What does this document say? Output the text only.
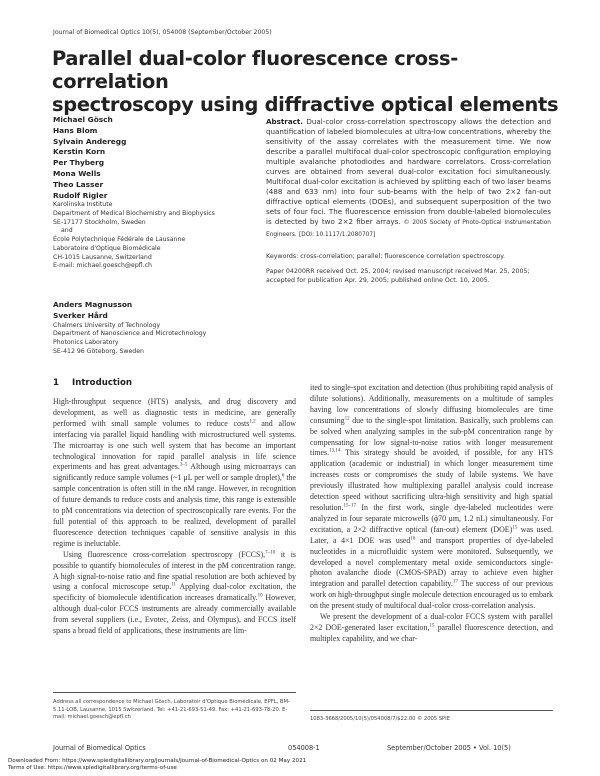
Journal of Biomedical Optics 10(5), 054008 (September/October 2005)
Parallel dual-color fluorescence cross-correlation
spectroscopy using diffractive optical elements
Michael Gösch
Hans Blom
Sylvain Anderegg
Kerstin Korn
Per Thyberg
Mona Wells
Theo Lasser
Rudolf Rigler
Karolinska Institute
Department of Medical Biochemistry and Biophysics
SE-17177 Stockholm, Sweden
and
École Polytechnique Fédérale de Lausanne
Laboratoire d'Optique Biomédicale
CH-1015 Lausanne, Switzerland
E-mail: michael.goesch@epfl.ch
Anders Magnusson
Sverker Hård
Chalmers University of Technology
Department of Nanoscience and Microtechnology
Photonics Laboratory
SE-412 96 Göteborg, Sweden
Abstract. Dual-color cross-correlation spectroscopy allows the detection and quantification of labeled biomolecules at ultra-low concentrations, whereby the sensitivity of the assay correlates with the measurement time. We now describe a parallel multifocal dual-color spectroscopic configuration employing multiple avalanche photodiodes and hardware correlators. Cross-correlation curves are obtained from several dual-color excitation foci simultaneously. Multifocal dual-color excitation is achieved by splitting each of two laser beams (488 and 633 nm) into four sub-beams with the help of two 2×2 fan-out diffractive optical elements (DOEs), and subsequent superposition of the two sets of four foci. The fluorescence emission from double-labeled biomolecules is detected by two 2×2 fiber arrays. © 2005 Society of Photo-Optical Instrumentation Engineers. [DOI: 10.1117/1.2080707]
Keywords: cross-correlation; parallel; fluorescence correlation spectroscopy.
Paper 04200RR received Oct. 25, 2004; revised manuscript received Mar. 25, 2005;
accepted for publication Apr. 29, 2005; published online Oct. 10, 2005.
1 Introduction

High-throughput sequence (HTS) analysis, and drug discovery and development, as well as diagnostic tests in medicine, are generally performed with small sample volumes to reduce costs$^{1,2}$ and allow interfacing via parallel liquid handling with microstructured well systems. The microarray is one such well system that has become an important technological innovation for rapid parallel analysis in life science experiments and has great advantages.$^{3-5}$ Although using microarrays can significantly reduce sample volumes (~1 μL per well or sample droplet),$^6$ the sample concentration is often still in the nM range. However, in recognition of future demands to reduce costs and analysis time, this range is extensible to pM concentrations via detection of spectroscopically rare events. For the full potential of this approach to be realized, development of parallel fluorescence detection techniques capable of sensitive analysis in this regime is ineluctable.

Using fluorescence cross-correlation spectroscopy (FCCS),$^{7-10}$ it is possible to quantify biomolecules of interest in the pM concentration range. A high signal-to-noise ratio and fine spatial resolution are both achieved by using a confocal microscope setup.$^{11}$ Applying dual-color excitation, the specificity of biomolecule identification increases dramatically.$^{10}$ However, although dual-color FCCS instruments are already commercially available from several suppliers (i.e., Evotec, Zeiss, and Olympus), and FCCS itself spans a broad field of applications, these instruments are lim-

ited to single-spot excitation and detection (thus prohibiting rapid analysis of dilute solutions). Additionally, measurements on a multitude of samples having low concentrations of slowly diffusing biomolecules are time consuming$^{12}$ due to the single-spot limitation. Basically, such problems can be solved when analyzing samples in the sub-pM concentration range by compensating for low signal-to-noise ratios with longer measurement times.$^{13,14}$ This strategy should be avoided, if possible, for any HTS application (academic or industrial) in which longer measurement time increases costs or compromises the study of labile systems. We have previously illustrated how multiplexing parallel analysis could increase detection speed without sacrificing ultra-high sensitivity and high spatial resolution.$^{15-17}$ In the first work, single dye-labeled nucleotides were analyzed in four separate microwells (ϕ70 μm, 1.2 nL) simultaneously. For excitation, a 2×2 diffractive optical (fan-out) element (DOE)$^{15}$ was used. Later, a 4×1 DOE was used$^{16}$ and transport properties of dye-labeled nucleotides in a microfluidic system were monitored. Subsequently, we developed a novel complementary metal oxide semiconductors single-photon avalanche diode (CMOS-SPAD) array to achieve even higher integration and parallel detection capability.$^{17}$ The success of our previous work on high-throughput single molecule detection encouraged us to embark on the present study of multifocal dual-color cross-correlation analysis.

We present the development of a dual-color FCCS system with parallel 2×2 DOE-generated laser excitation,$^{15}$ parallel fluorescence detection, and multiplex capability, and we char-

Address all correspondence to Michael Gösch, Laboratoir d'Optique Biomédicale, EPFL, BM-5.11-LOB, Lausanne, 1015 Switzerland. Tel: +41-21-693-51-49. Fax: +41-21-693-78-20. E-mail: michael.goesch@epfl.ch	1083-3668/2005/10(5)/054008/7/$22.00 © 2005 SPIE
Journal of Biomedical Optics	054008-1	September/October 2005 • Vol. 10(5)
Downloaded From: https://www.spiedigitallibrary.org/journals/Journal-of-Biomedical-Optics on 02 May 2021
Terms of Use: https://www.spiedigitallibrary.org/terms-of-use
